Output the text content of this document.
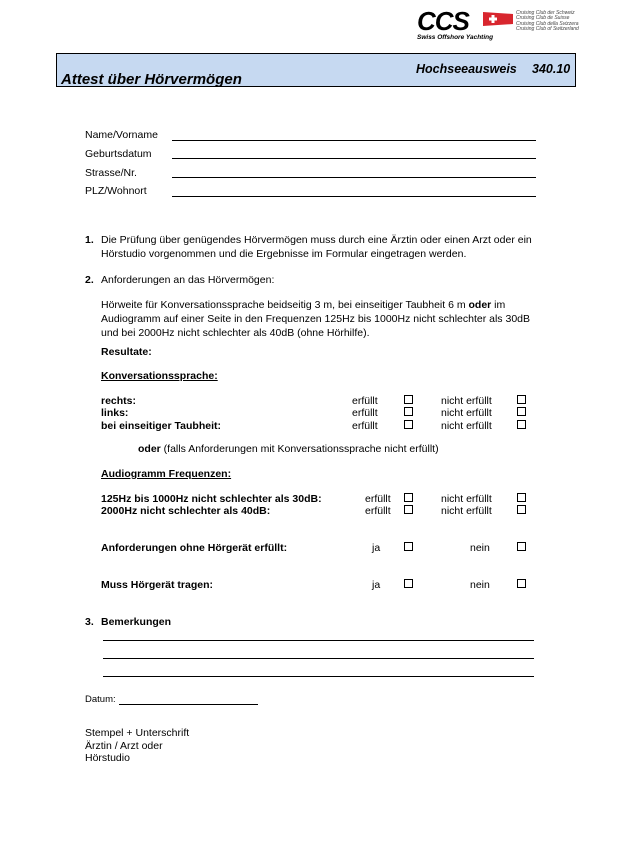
CCS
Swiss Offshore Yachting
Cruising Club der Schweiz
Cruising Club de Suisse
Cruising Club della Svizzera
Cruising Club of Switzerland
Attest über Hörvermögen
Hochseeausweis 340.10
Name/Vorname
Geburtsdatum
Strasse/Nr.
PLZ/Wohnort
1. Die Prüfung über genügendes Hörvermögen muss durch eine Ärztin oder einen Arzt oder ein
Hörstudio vorgenommen und die Ergebnisse im Formular eingetragen werden.
2. Anforderungen an das Hörvermögen:
Hörweite für Konversationssprache beidseitig 3 m, bei einseitiger Taubheit 6 m oder im
Audiogramm auf einer Seite in den Frequenzen 125Hz bis 1000Hz nicht schlechter als 30dB
und bei 2000Hz nicht schlechter als 40dB (ohne Hörhilfe).
Resultate:
Konversationssprache:
rechts:	erfüllt	nicht erfüllt
links:	erfüllt	nicht erfüllt
bei einseitiger Taubheit:	erfüllt	nicht erfüllt
oder (falls Anforderungen mit Konversationssprache nicht erfüllt)
Audiogramm Frequenzen:
125Hz bis 1000Hz nicht schlechter als 30dB:	erfüllt	nicht erfüllt
2000Hz nicht schlechter als 40dB:	erfüllt	nicht erfüllt
Anforderungen ohne Hörgerät erfüllt:	ja	nein
Muss Hörgerät tragen:	ja	nein
3. Bemerkungen
Datum:
Stempel + Unterschrift
Ärztin / Arzt oder
Hörstudio
